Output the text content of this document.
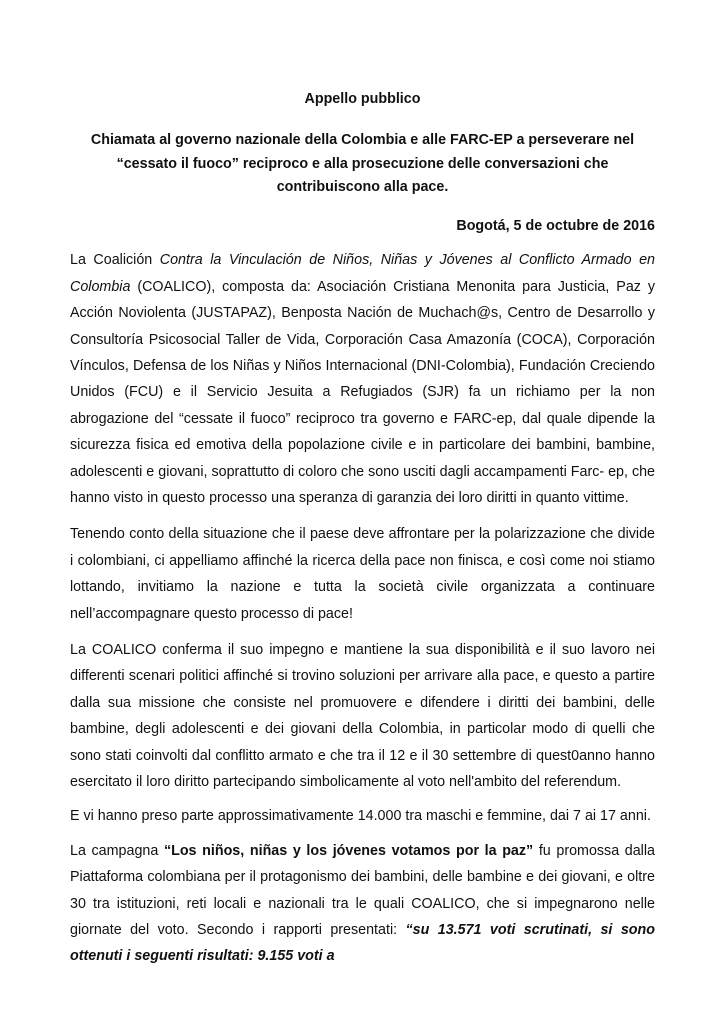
Appello pubblico
Chiamata al governo nazionale della Colombia e alle FARC-EP a perseverare nel “cessato il fuoco” reciproco e alla prosecuzione delle conversazioni che contribuiscono alla pace.
Bogotá, 5 de octubre de 2016

La Coalición Contra la Vinculación de Niños, Niñas y Jóvenes al Conflicto Armado en Colombia (COALICO), composta da: Asociación Cristiana Menonita para Justicia, Paz y Acción Noviolenta (JUSTAPAZ), Benposta Nación de Muchach@s, Centro de Desarrollo y Consultoría Psicosocial Taller de Vida, Corporación Casa Amazonía (COCA), Corporación Vínculos, Defensa de los Niñas y Niños Internacional (DNI-Colombia), Fundación Creciendo Unidos (FCU) e il Servicio Jesuita a Refugiados (SJR) fa un richiamo per la non abrogazione del “cessate il fuoco” reciproco tra governo e FARC-ep, dal quale dipende la sicurezza fisica ed emotiva della popolazione civile e in particolare dei bambini, bambine, adolescenti e giovani, soprattutto di coloro che sono usciti dagli accampamenti Farc- ep, che hanno visto in questo processo una speranza di garanzia dei loro diritti in quanto vittime.

Tenendo conto della situazione che il paese deve affrontare per la polarizzazione che divide i colombiani, ci appelliamo affinché la ricerca della pace non finisca, e così come noi stiamo lottando, invitiamo la nazione e tutta la società civile organizzata a continuare nell’accompagnare questo processo di pace!

La COALICO conferma il suo impegno e mantiene la sua disponibilità e il suo lavoro nei differenti scenari politici affinché si trovino soluzioni per arrivare alla pace, e questo a partire dalla sua missione che consiste nel promuovere e difendere i diritti dei bambini, delle bambine, degli adolescenti e dei giovani della Colombia, in particolar modo di quelli che sono stati coinvolti dal conflitto armato e che tra il 12 e il 30 settembre di quest0anno hanno esercitato il loro diritto partecipando simbolicamente al voto nell'ambito del referendum.

E vi hanno preso parte approssimativamente 14.000 tra maschi e femmine, dai 7 ai 17 anni.

La campagna “Los niños, niñas y los jóvenes votamos por la paz” fu promossa dalla Piattaforma colombiana per il protagonismo dei bambini, delle bambine e dei giovani, e oltre 30 tra istituzioni, reti locali e nazionali tra le quali COALICO, che si impegnarono nelle giornate del voto. Secondo i rapporti presentati: “su 13.571 voti scrutinati, si sono ottenuti i seguenti risultati: 9.155 voti a
